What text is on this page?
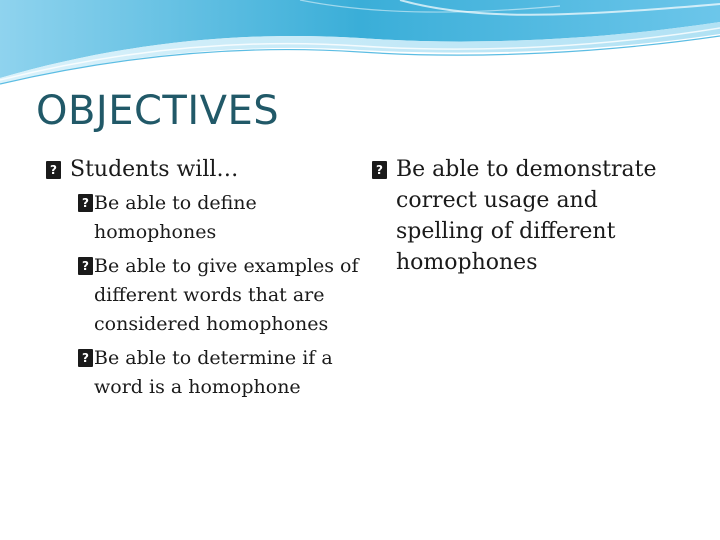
OBJECTIVES

?
Students will…

?
Be able to define homophones

?
Be able to give examples of different words that are considered homophones

?
Be able to determine if a word is a homophone

?
Be able to demonstrate correct usage and spelling of different homophones
